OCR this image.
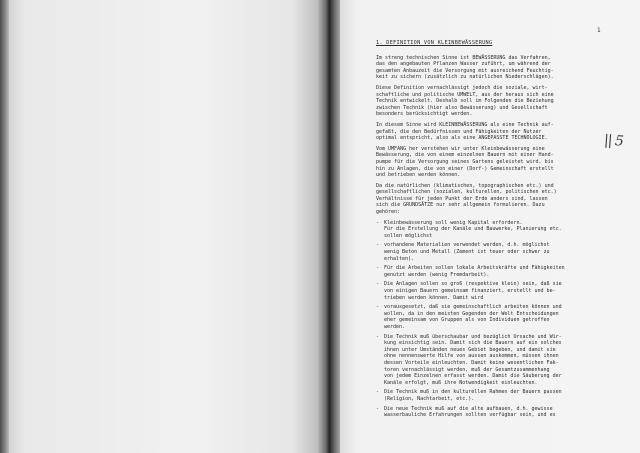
1
|| 5
1. DEFINITION VON KLEINBEWÄSSERUNG

Im streng technischen Sinne ist BEWÄSSERUNG das Verfahren,
das den angebauten Pflanzen Wasser zuführt, um während der
gesamten Anbauzeit die Versorgung mit ausreichend Feuchtig-
keit zu sichern (zusätzlich zu natürlichen Niederschlägen).

Diese Definition vernachlässigt jedoch die soziale, wirt-
schaftliche und politische UMWELT, aus der heraus sich eine
Technik entwickelt. Deshalb soll im Folgenden die Beziehung
zwischen Technik (hier also Bewässerung) und Gesellschaft
besonders berücksichtigt werden.

In diesem Sinne wird KLEINBEWÄSSERUNG als eine Technik auf-
gefaßt, die den Bedürfnissen und Fähigkeiten der Nutzer
optimal entspricht, also als eine ANGEPASSTE TECHNOLOGIE.

Vom UMFANG her verstehen wir unter Kleinbewässerung eine
Bewässerung, die von einem einzelnen Bauern mit einer Hand-
pumpe für die Versorgung seines Gartens geleistet wird, bis
hin zu Anlagen, die von einer (Dorf-) Gemeinschaft erstellt
und betrieben werden können.

Da die natürlichen (klimatischen, topographischen etc.) und
gesellschaftlichen (sozialen, kulturellen, politischen etc.)
Verhältnisse für jeden Punkt der Erde anders sind, lassen
sich die GRUNDSÄTZE nur sehr allgemein formulieren. Dazu
gehören:

- Kleinbewässerung soll wenig Kapital erfordern.
Für die Erstellung der Kanäle und Bauwerke, Planierung etc.
sollen möglichst
- vorhandene Materialien verwendet werden, d.h. möglichst
wenig Beton und Metall (Zement ist teuer oder schwer zu
erhalten).
- Für die Arbeiten sollen lokale Arbeitskräfte und Fähigkeiten
genutzt werden (wenig Fremdarbeit).
- Die Anlagen sollen so groß (respektive klein) sein, daß sie
von einigen Bauern gemeinsam finanziert, erstellt und be-
trieben werden können. Damit wird
- vorausgesetzt, daß sie gemeinschaftlich arbeiten können und
wollen, da in den meisten Gegenden der Welt Entscheidungen
eher gemeinsam von Gruppen als von Individuen getroffen
werden.
- Die Technik muß überschaubar und bezüglich Ursache und Wir-
kung einsichtig sein. Damit sich die Bauern auf ein solches
ihnen unter Umständen neues Gebiet begeben, und damit sie
ohne nennenswerte Hilfe von aussen auskommen, müssen ihnen
dessen Vorteile einleuchten. Damit keine wesentlichen Fak-
toren vernachlässigt werden, muß der Gesamtzusammenhang
von jedem Einzelnen erfasst werden. Damit die Säuberung der
Kanäle erfolgt, muß ihre Notwendigkeit einleuchten.
- Die Technik muß in den kulturellen Rahmen der Bauern passen
(Religion, Nachtarbeit, etc.).
- Die neue Technik muß auf die alte aufbauen, d.h. gewisse
wasserbauliche Erfahrungen sollten verfügbar sein, und es
